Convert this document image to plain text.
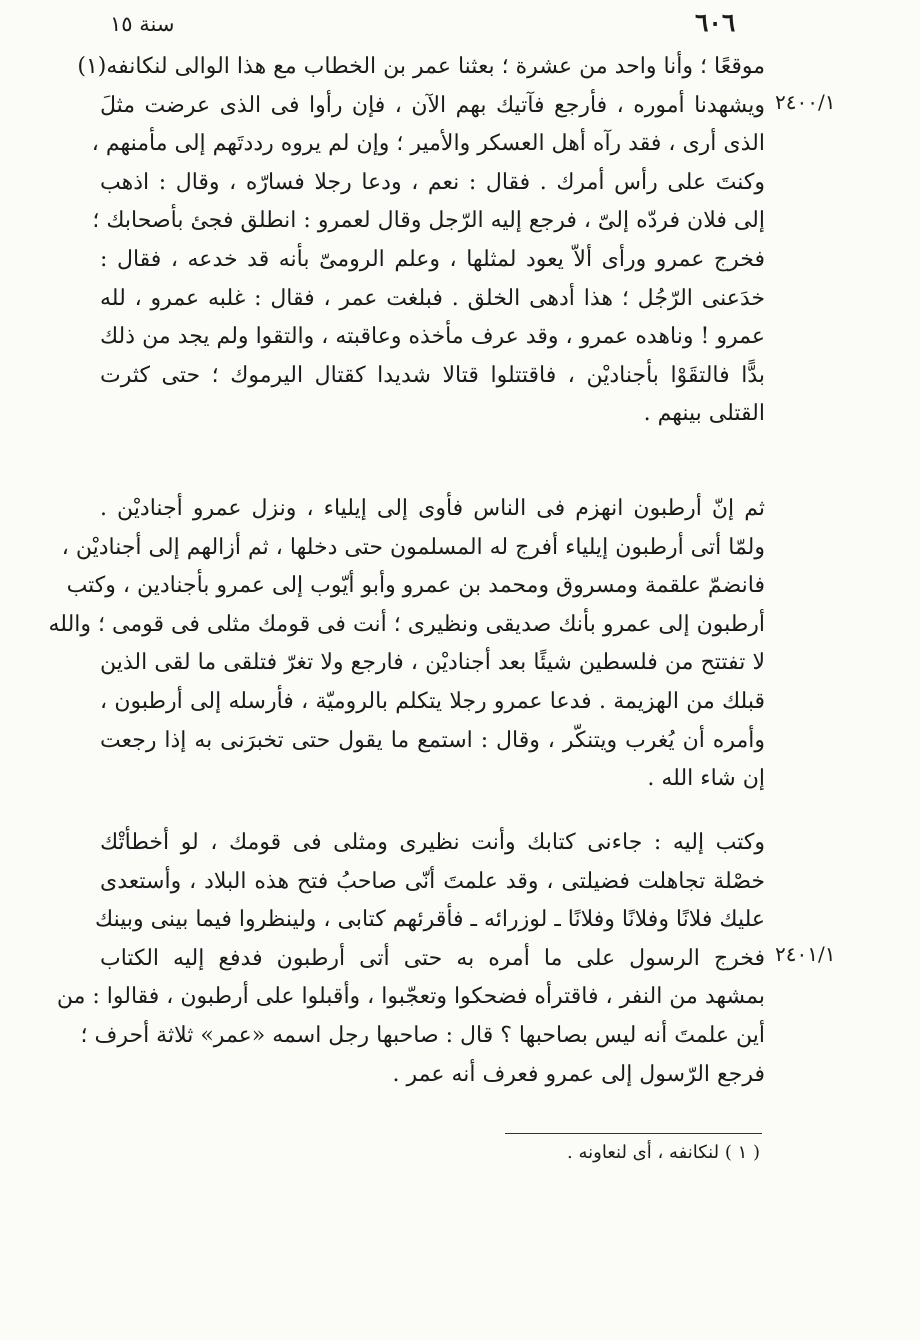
٦٠٦
سنة ١٥
٢٤٠٠/١
٢٤٠١/١
موقعًا ؛ وأنا واحد من عشرة ؛ بعثنا عمر بن الخطاب مع هذا الوالى لنكانفه(١)
ويشهدنا أموره ، فأرجع فآتيك بهم الآن ، فإن رأوا فى الذى عرضت مثلَ
الذى أرى ، فقد رآه أهل العسكر والأمير ؛ وإن لم يروه رددتَهم إلى مأمنهم ،
وكنتَ على رأس أمرك . فقال : نعم ، ودعا رجلا فسارّه ، وقال : اذهب
إلى فلان فردّه إلىّ ، فرجع إليه الرّجل وقال لعمرو : انطلق فجئ بأصحابك ؛
فخرج عمرو ورأى ألاّ يعود لمثلها ، وعلم الرومىّ بأنه قد خدعه ، فقال :
خدَعنى الرّجُل ؛ هذا أدهى الخلق . فبلغت عمر ، فقال : غلبه عمرو ، لله
عمرو ! وناهده عمرو ، وقد عرف مأخذه وعاقبته ، والتقوا ولم يجد من ذلك
بدًّا فالتقَوْا بأجناديْن ، فاقتتلوا قتالا شديدا كقتال اليرموك ؛ حتى كثرت
القتلى بينهم .
ثم إنّ أرطبون انهزم فى الناس فأوى إلى إيلياء ، ونزل عمرو أجناديْن .
ولمّا أتى أرطبون إيلياء أفرج له المسلمون حتى دخلها ، ثم أزالهم إلى أجناديْن ،
فانضمّ علقمة ومسروق ومحمد بن عمرو وأبو أيّوب إلى عمرو بأجنادين ، وكتب
أرطبون إلى عمرو بأنك صديقى ونظيرى ؛ أنت فى قومك مثلى فى قومى ؛ والله
لا تفتتح من فلسطين شيئًا بعد أجناديْن ، فارجع ولا تغرّ فتلقى ما لقى الذين
قبلك من الهزيمة . فدعا عمرو رجلا يتكلم بالروميّة ، فأرسله إلى أرطبون ،
وأمره أن يُغرب ويتنكّر ، وقال : استمع ما يقول حتى تخبرَنى به إذا رجعت
إن شاء الله .
وكتب إليه : جاءنى كتابك وأنت نظيرى ومثلى فى قومك ، لو أخطأتْك
خصْلة تجاهلت فضيلتى ، وقد علمتَ أنّى صاحبُ فتح هذه البلاد ، وأستعدى
عليك فلانًا وفلانًا وفلانًا ـ لوزرائه ـ فأقرئهم كتابى ، ولينظروا فيما بينى وبينك
فخرج الرسول على ما أمره به حتى أتى أرطبون فدفع إليه الكتاب
بمشهد من النفر ، فاقترأه فضحكوا وتعجّبوا ، وأقبلوا على أرطبون ، فقالوا : من
أين علمتَ أنه ليس بصاحبها ؟ قال : صاحبها رجل اسمه «عمر» ثلاثة أحرف ؛
فرجع الرّسول إلى عمرو فعرف أنه عمر .
( ١ ) لنكانفه ، أى لنعاونه .
